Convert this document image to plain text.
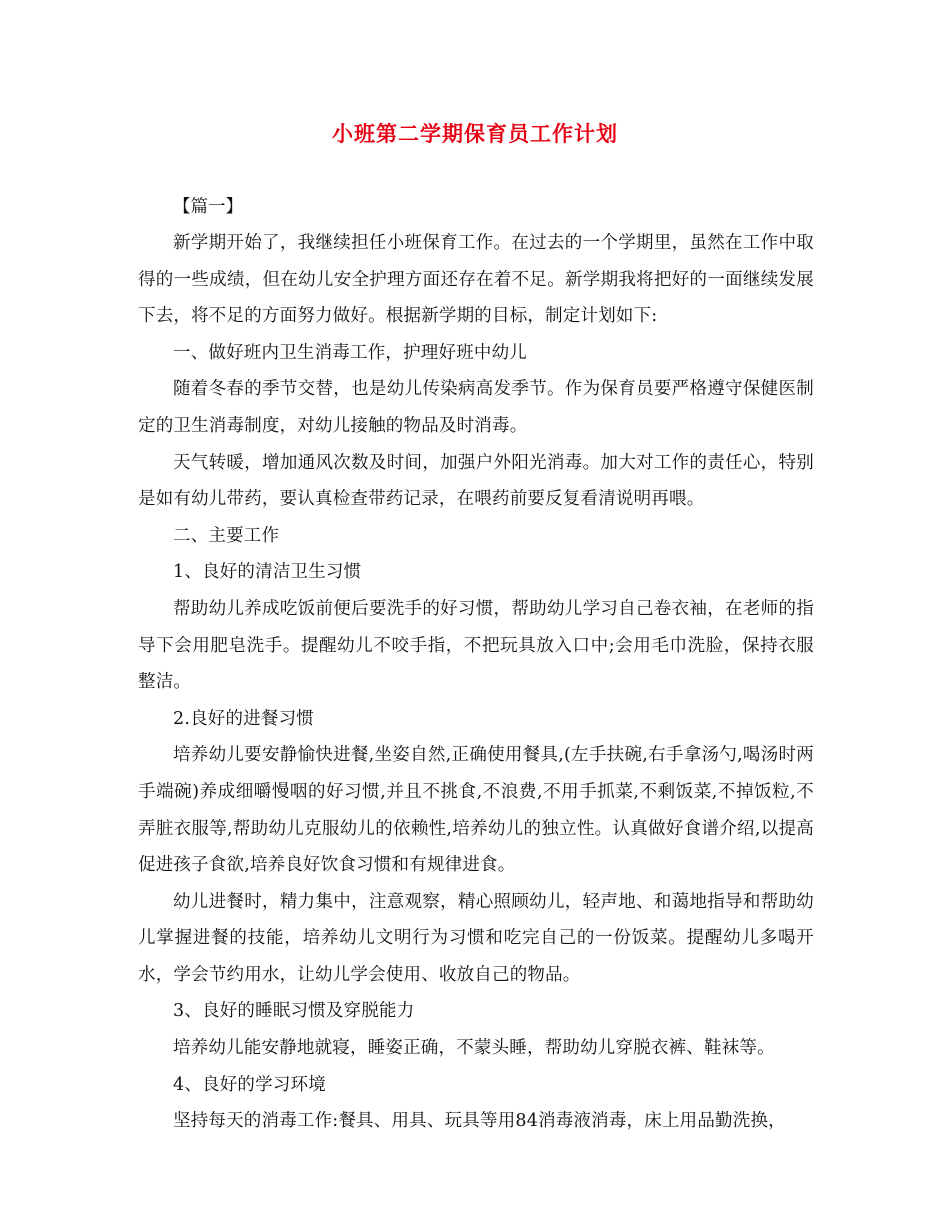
小班第二学期保育员工作计划

【篇一】

新学期开始了，我继续担任小班保育工作。在过去的一个学期里，虽然在工作中取得的一些成绩，但在幼儿安全护理方面还存在着不足。新学期我将把好的一面继续发展下去，将不足的方面努力做好。根据新学期的目标，制定计划如下:

一、做好班内卫生消毒工作，护理好班中幼儿

随着冬春的季节交替，也是幼儿传染病高发季节。作为保育员要严格遵守保健医制定的卫生消毒制度，对幼儿接触的物品及时消毒。

天气转暖，增加通风次数及时间，加强户外阳光消毒。加大对工作的责任心，特别是如有幼儿带药，要认真检查带药记录，在喂药前要反复看清说明再喂。

二、主要工作

1、良好的清洁卫生习惯

帮助幼儿养成吃饭前便后要洗手的好习惯，帮助幼儿学习自己卷衣袖，在老师的指导下会用肥皂洗手。提醒幼儿不咬手指，不把玩具放入口中;会用毛巾洗脸，保持衣服整洁。

2.良好的进餐习惯

培养幼儿要安静愉快进餐,坐姿自然,正确使用餐具,(左手扶碗,右手拿汤勺,喝汤时两手端碗)养成细嚼慢咽的好习惯,并且不挑食,不浪费,不用手抓菜,不剩饭菜,不掉饭粒,不弄脏衣服等,帮助幼儿克服幼儿的依赖性,培养幼儿的独立性。认真做好食谱介绍,以提高促进孩子食欲,培养良好饮食习惯和有规律进食。

幼儿进餐时，精力集中，注意观察，精心照顾幼儿，轻声地、和蔼地指导和帮助幼儿掌握进餐的技能，培养幼儿文明行为习惯和吃完自己的一份饭菜。提醒幼儿多喝开水，学会节约用水，让幼儿学会使用、收放自己的物品。

3、良好的睡眠习惯及穿脱能力

培养幼儿能安静地就寝，睡姿正确，不蒙头睡，帮助幼儿穿脱衣裤、鞋袜等。

4、良好的学习环境

坚持每天的消毒工作:餐具、用具、玩具等用84消毒液消毒，床上用品勤洗换，
